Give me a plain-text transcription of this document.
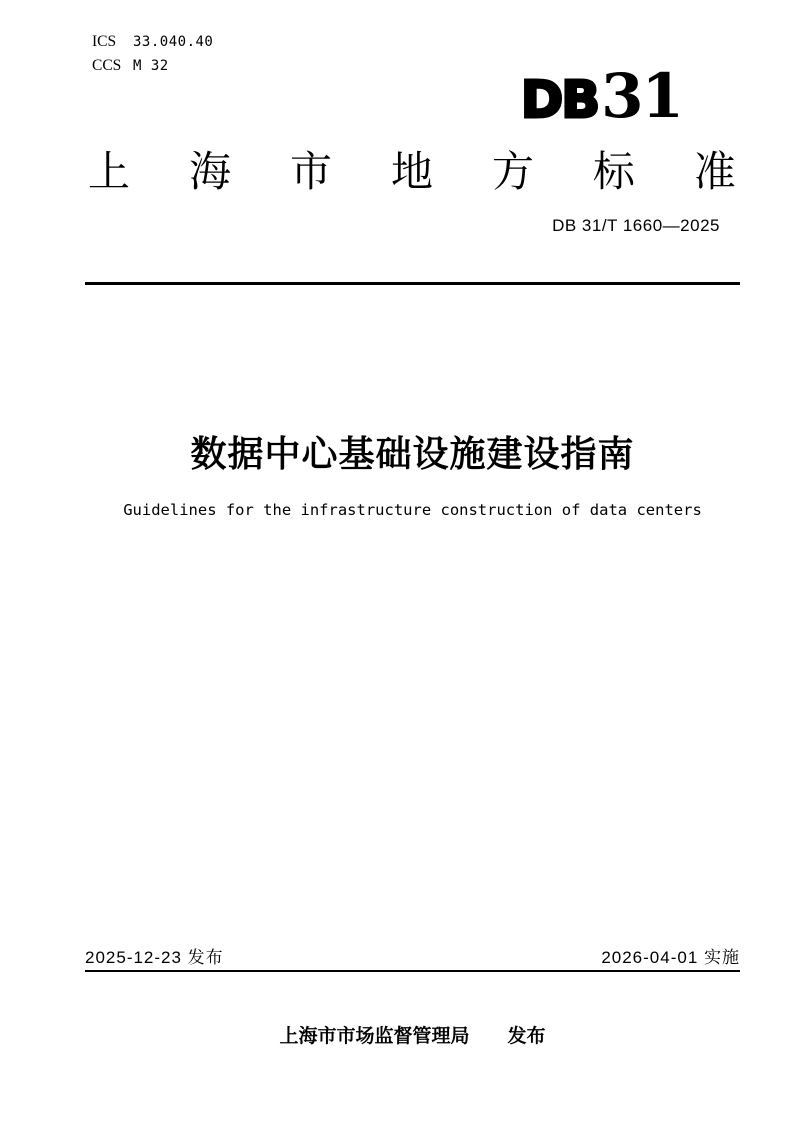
ICS 33.040.40
CCS M 32
DB 31
上 海 市 地 方 标 准
DB 31/T 1660—2025
数据中心基础设施建设指南
Guidelines for the infrastructure construction of data centers
2025-12-23 发布	2026-04-01 实施
上海市市场监督管理局 发布
